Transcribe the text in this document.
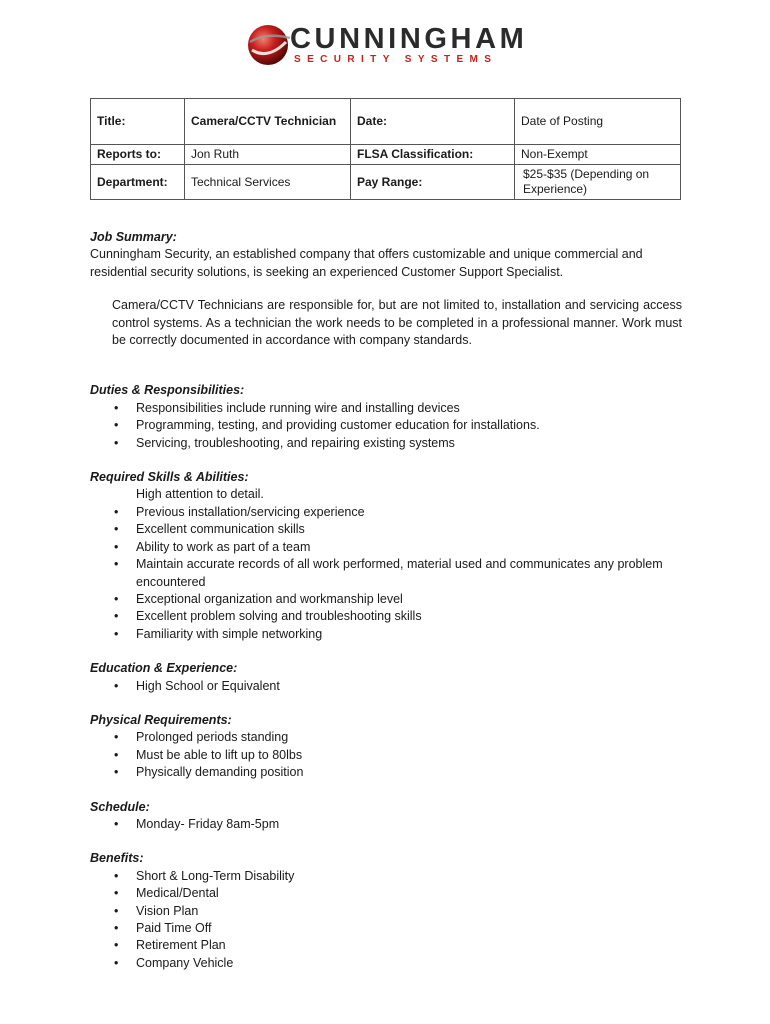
CUNNINGHAM
SECURITY SYSTEMS
Title:	Camera/CCTV Technician	Date:	Date of Posting
Reports to:	Jon Ruth	FLSA Classification:	Non-Exempt
Department:	Technical Services	Pay Range:	$25-$35 (Depending on Experience)
Job Summary:

Cunningham Security, an established company that offers customizable and unique commercial and residential security solutions, is seeking an experienced Customer Support Specialist.

Camera/CCTV Technicians are responsible for, but are not limited to, installation and servicing access control systems. As a technician the work needs to be completed in a professional manner. Work must be correctly documented in accordance with company standards.

Duties & Responsibilities:
•	Responsibilities include running wire and installing devices
•	Programming, testing, and providing customer education for installations.
•	Servicing, troubleshooting, and repairing existing systems
Required Skills & Abilities:
High attention to detail.
•	Previous installation/servicing experience
•	Excellent communication skills
•	Ability to work as part of a team
•	Maintain accurate records of all work performed, material used and communicates any problem encountered
•	Exceptional organization and workmanship level
•	Excellent problem solving and troubleshooting skills
•	Familiarity with simple networking
Education & Experience:
•	High School or Equivalent
Physical Requirements:
•	Prolonged periods standing
•	Must be able to lift up to 80lbs
•	Physically demanding position
Schedule:
•	Monday- Friday 8am-5pm
Benefits:
•	Short & Long-Term Disability
•	Medical/Dental
•	Vision Plan
•	Paid Time Off
•	Retirement Plan
•	Company Vehicle
